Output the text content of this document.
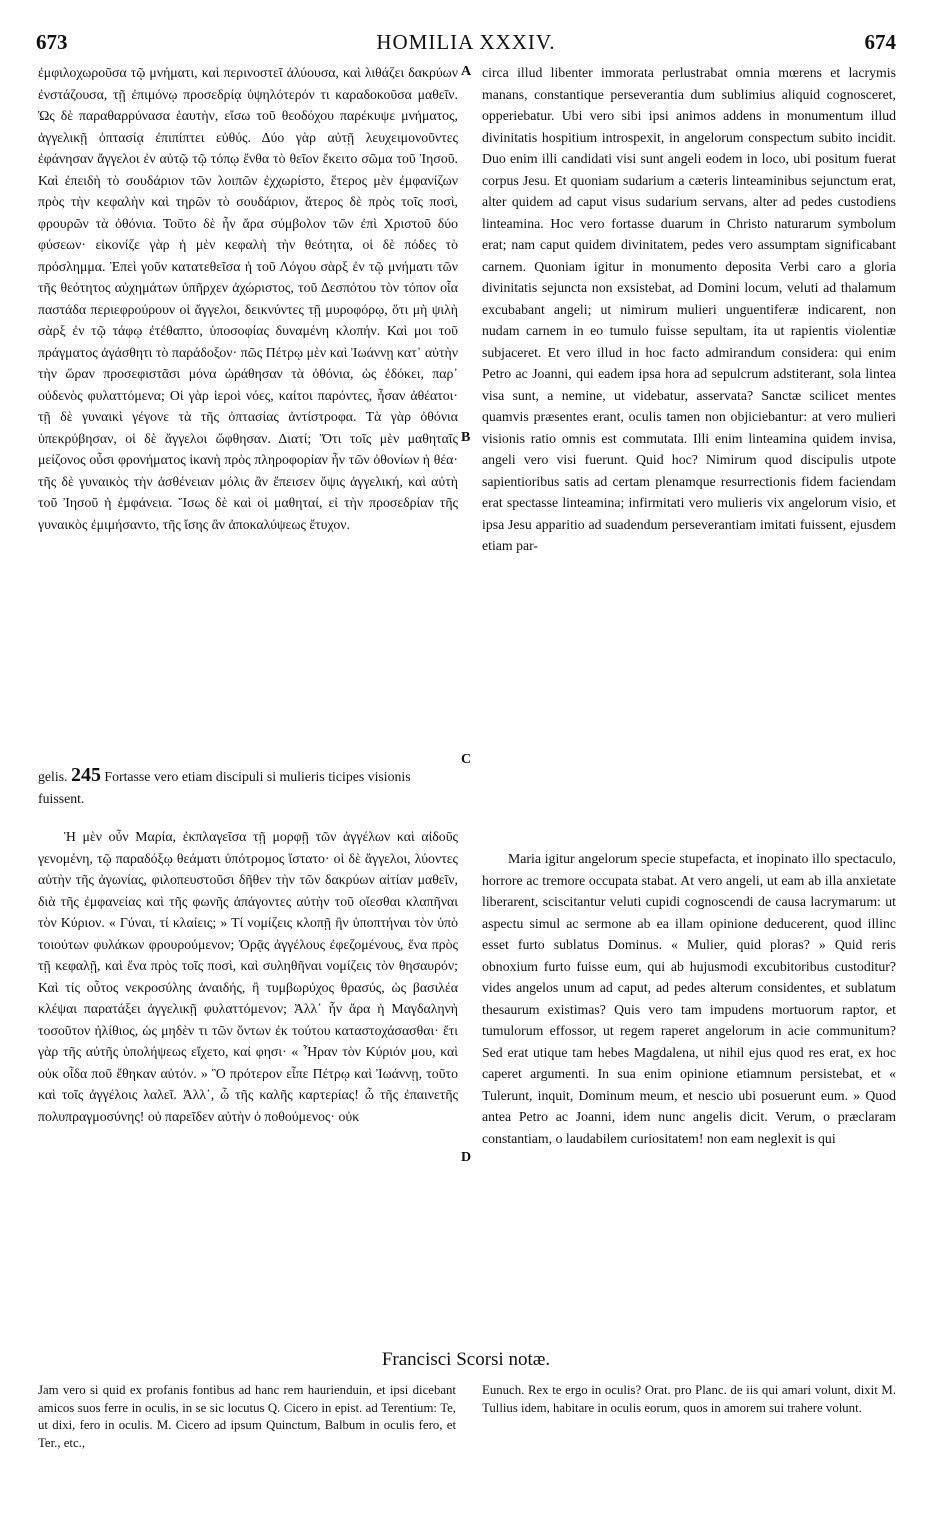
673	HOMILIA XXXIV.	674

ἐμφιλοχωροῦσα τῷ μνήματι, καὶ περινοστεῖ ἀλύουσα, καὶ λιθάζει δακρύων ἐνστάζουσα, τῇ ἐπιμόνῳ προσεδρίᾳ ὑψηλότερόν τι καραδοκοῦσα μαθεῖν. Ὡς δὲ παραθαρρύνασα ἑαυτὴν, εἴσω τοῦ θεοδόχου παρέκυψε μνήματος, ἀγγελικῇ ὀπτασίᾳ ἐπιπίπτει εὐθύς. Δύο γὰρ αὐτῇ λευχειμονοῦντες ἐφάνησαν ἄγγελοι ἐν αὐτῷ τῷ τόπῳ ἔνθα τὸ θεῖον ἔκειτο σῶμα τοῦ Ἰησοῦ. Καὶ ἐπειδὴ τὸ σουδάριον τῶν λοιπῶν ἐχχωρίστο, ἕτερος μὲν ἐμφανίζων πρὸς τὴν κεφαλὴν καὶ τηρῶν τὸ σουδάριον, ἅτερος δὲ πρὸς τοῖς ποσὶ, φρουρῶν τὰ ὀθόνια. Τοῦτο δὲ ἦν ἄρα σύμβολον τῶν ἐπὶ Χριστοῦ δύο φύσεων· εἰκονίζε γὰρ ἡ μὲν κεφαλὴ τὴν θεότητα, οἱ δὲ πόδες τὸ πρόσλημμα. Ἐπεὶ γοῦν κατατεθεῖσα ἡ τοῦ Λόγου σὰρξ ἐν τῷ μνήματι τῶν τῆς θεότητος αὐχημάτων ὑπῆρχεν ἀχώριστος, τοῦ Δεσπότου τὸν τόπον οἷα παστάδα περιεφρούρουν οἱ ἄγγελοι, δεικνύντες τῇ μυροφόρῳ, ὅτι μὴ ψιλὴ σὰρξ ἐν τῷ τάφῳ ἐτέθαπτο, ὑποσοφίας δυναμένη κλοπήν. Καὶ μοι τοῦ πράγματος ἀγάσθητι τὸ παράδοξον· πῶς Πέτρῳ μὲν καὶ Ἰωάννῃ κατ᾽ αὐτὴν τὴν ὥραν προσεφιστᾶσι μόνα ὠράθησαν τὰ ὀθόνια, ὡς ἐδόκει, παρ᾽ οὐδενὸς φυλαττόμενα; Οἱ γὰρ ἱεροὶ νόες, καίτοι παρόντες, ἦσαν ἀθέατοι· τῇ δὲ γυναικὶ γέγονε τὰ τῆς ὀπτασίας ἀντίστροφα. Τὰ γὰρ ὀθόνια ὑπεκρύβησαν, οἱ δὲ ἄγγελοι ὤφθησαν. Διατί; Ὅτι τοῖς μὲν μαθηταῖς μείζονος οὖσι φρονήματος ἱκανὴ πρὸς πληροφορίαν ἦν τῶν ὀθονίων ἡ θέα· τῆς δὲ γυναικὸς τὴν ἀσθένειαν μόλις ἂν ἔπεισεν ὄψις ἀγγελική, καὶ αὐτὴ τοῦ Ἰησοῦ ἡ ἐμφάνεια. Ἴσως δὲ καὶ οἱ μαθηταί, εἰ τὴν προσεδρίαν τῆς γυναικὸς ἐμιμήσαντο, τῆς ἴσης ἂν ἀποκαλύψεως ἔτυχον.

gelis. 245 Fortasse vero etiam discipuli si mulieris ticipes visionis fuissent.

Ἡ μὲν οὖν Μαρία, ἐκπλαγεῖσα τῇ μορφῇ τῶν ἀγγέλων καὶ αἰδοῦς γενομένη, τῷ παραδόξῳ θεάματι ὑπότρομος ἵστατο· οἱ δὲ ἄγγελοι, λύοντες αὐτὴν τῆς ἀγωνίας, φιλοπευστοῦσι δῆθεν τὴν τῶν δακρύων αἰτίαν μαθεῖν, διὰ τῆς ἐμφανείας καὶ τῆς φωνῆς ἀπάγοντες αὐτὴν τοῦ οἴεσθαι κλαπῆναι τὸν Κύριον. « Γύναι, τί κλαίεις; » Τί νομίζεις κλοπῇ ἢν ὑποπτήναι τὸν ὑπὸ τοιούτων φυλάκων φρουρούμενον; Ὁρᾷς ἀγγέλους ἐφεζομένους, ἕνα πρὸς τῇ κεφαλῇ, καὶ ἕνα πρὸς τοῖς ποσὶ, καὶ συληθῆναι νομίζεις τὸν θησαυρόν; Καὶ τίς οὗτος νεκροσύλης ἀναιδής, ἢ τυμβωρύχος θρασύς, ὡς βασιλέα κλέψαι παρατάξει ἀγγελικῇ φυλαττόμενον; Ἀλλ᾽ ἦν ἄρα ἡ Μαγδαληνὴ τοσοῦτον ἠλίθιος, ὡς μηδὲν τι τῶν ὄντων ἐκ τούτου καταστοχάσασθαι· ἔτι γὰρ τῆς αὐτῆς ὑπολήψεως εἴχετο, καί φησι· « Ἦραν τὸν Κύριόν μου, καὶ οὐκ οἶδα ποῦ ἔθηκαν αὐτόν. » Ὃ πρότερον εἶπε Πέτρῳ καὶ Ἰωάννῃ, τοῦτο καὶ τοῖς ἀγγέλοις λαλεῖ. Ἀλλ᾽, ὦ τῆς καλῆς καρτερίας! ὦ τῆς ἐπαινετῆς πολυπραγμοσύνης! οὐ παρεῖδεν αὐτὴν ὁ ποθούμενος· οὐκ

circa illud libenter immorata perlustrabat omnia mœrens et lacrymis manans, constantique perseverantia dum sublimius aliquid cognosceret, opperiebatur. Ubi vero sibi ipsi animos addens in monumentum illud divinitatis hospitium introspexit, in angelorum conspectum subito incidit. Duo enim illi candidati visi sunt angeli eodem in loco, ubi positum fuerat corpus Jesu. Et quoniam sudarium a cæteris linteaminibus sejunctum erat, alter quidem ad caput visus sudarium servans, alter ad pedes custodiens linteamina. Hoc vero fortasse duarum in Christo naturarum symbolum erat; nam caput quidem divinitatem, pedes vero assumptam significabant carnem. Quoniam igitur in monumento deposita Verbi caro a gloria divinitatis sejuncta non exsistebat, ad Domini locum, veluti ad thalamum excubabant angeli; ut nimirum mulieri unguentiferæ indicarent, non nudam carnem in eo tumulo fuisse sepultam, ita ut rapientis violentiæ subjaceret. Et vero illud in hoc facto admirandum considera: qui enim Petro ac Joanni, qui eadem ipsa hora ad sepulcrum adstiterant, sola lintea visa sunt, a nemine, ut videbatur, asservata? Sanctæ scilicet mentes quamvis præsentes erant, oculis tamen non objiciebantur: at vero mulieri visionis ratio omnis est commutata. Illi enim linteamina quidem invisa, angeli vero visi fuerunt. Quid hoc? Nimirum quod discipulis utpote sapientioribus satis ad certam plenamque resurrectionis fidem faciendam erat spectasse linteamina; infirmitati vero mulieris vix angelorum visio, et ipsa Jesu apparitio ad suadendum perseverantiam imitati fuissent, ejusdem etiam par-

Maria igitur angelorum specie stupefacta, et inopinato illo spectaculo, horrore ac tremore occupata stabat. At vero angeli, ut eam ab illa anxietate liberarent, sciscitantur veluti cupidi cognoscendi de causa lacrymarum: ut aspectu simul ac sermone ab ea illam opinione deducerent, quod illinc esset furto sublatus Dominus. « Mulier, quid ploras? » Quid reris obnoxium furto fuisse eum, qui ab hujusmodi excubitoribus custoditur? vides angelos unum ad caput, ad pedes alterum considentes, et sublatum thesaurum existimas? Quis vero tam impudens mortuorum raptor, et tumulorum effossor, ut regem raperet angelorum in acie communitum? Sed erat utique tam hebes Magdalena, ut nihil ejus quod res erat, ex hoc caperet argumenti. In sua enim opinione etiamnum persistebat, et « Tulerunt, inquit, Dominum meum, et nescio ubi posuerunt eum. » Quod antea Petro ac Joanni, idem nunc angelis dicit. Verum, o præclaram constantiam, o laudabilem curiositatem! non eam neglexit is qui

A
B
C
D
Francisci Scorsi notæ.
Jam vero si quid ex profanis fontibus ad hanc rem haurienduin, et ipsi dicebant amicos suos ferre in oculis, in se sic locutus Q. Cicero in epist. ad Terentium: Te, ut dixi, fero in oculis. M. Cicero ad ipsum Quinctum, Balbum in oculis fero, et Ter., etc.,
Eunuch. Rex te ergo in oculis? Orat. pro Planc. de iis qui amari volunt, dixit M. Tullius idem, habitare in oculis eorum, quos in amorem sui trahere volunt.
